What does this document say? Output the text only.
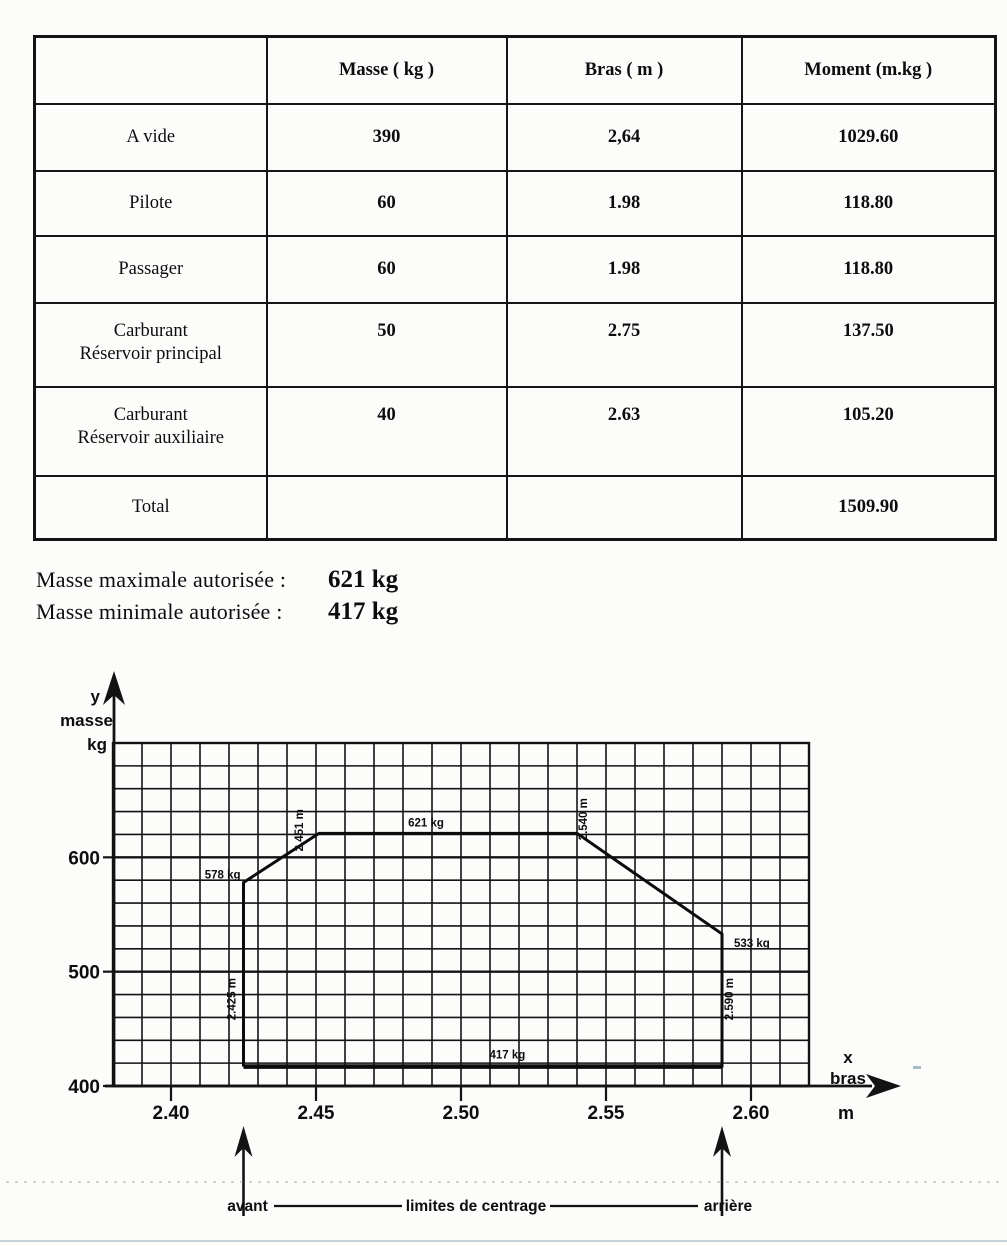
	Masse ( kg )	Bras ( m )	Moment (m.kg )

A vide	390	2,64	1029.60

Pilote	60	1.98	118.80

Passager	60	1.98	118.80

Carburant
Réservoir principal	50	2.75	137.50

Carburant
Réservoir auxiliaire	40	2.63	105.20

Total			1509.90
Masse maximale autorisée :	621 kg
Masse minimale autorisée :	417 kg
2.40	2.45	2.50	2.55	2.60
600
500
400
y
masse
kg
x
bras
m
578 kg
2.451 m	621 kg	2.540 m
533 kg
2.425 m	2.590 m
417 kg
avant	limites de centrage	arrière
